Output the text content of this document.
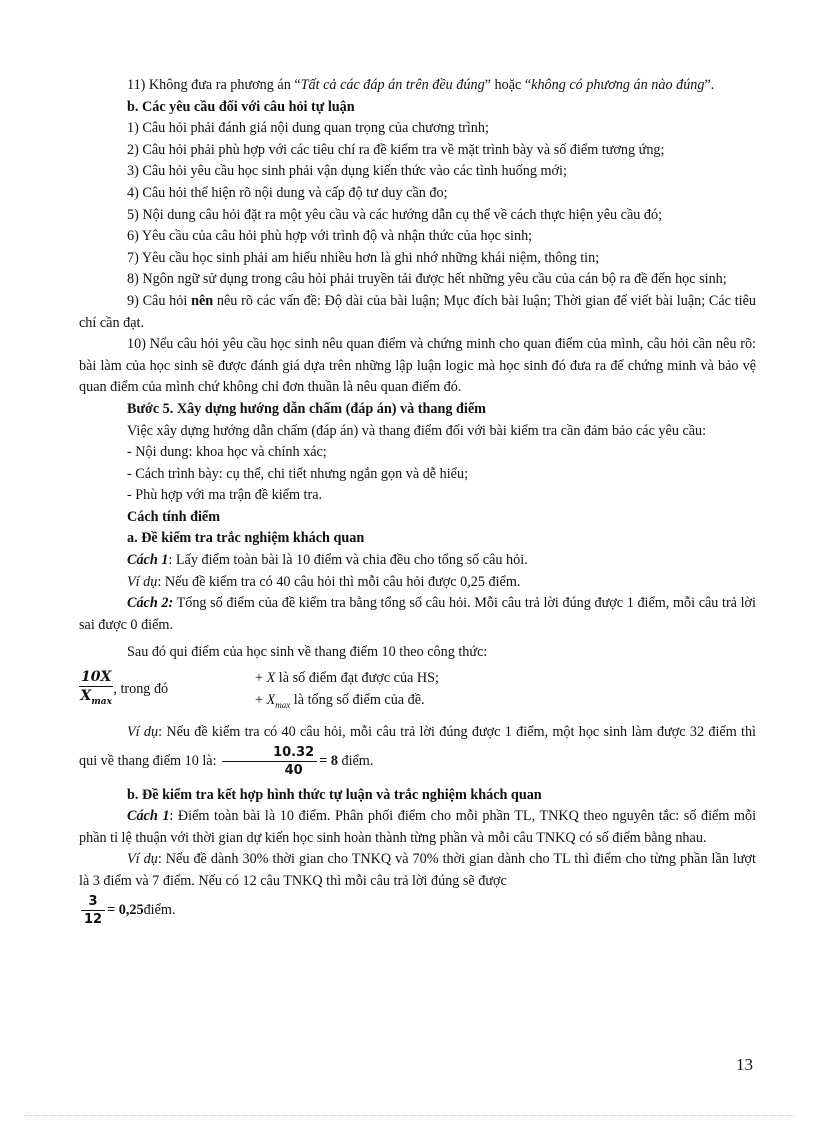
11) Không đưa ra phương án “Tất cả các đáp án trên đều đúng” hoặc “không có phương án nào đúng”.

b. Các yêu cầu đối với câu hỏi tự luận

1) Câu hỏi phải đánh giá nội dung quan trọng của chương trình;

2) Câu hỏi phải phù hợp với các tiêu chí ra đề kiểm tra về mặt trình bày và số điểm tương ứng;

3) Câu hỏi yêu cầu học sinh phải vận dụng kiến thức vào các tình huống mới;

4) Câu hỏi thể hiện rõ nội dung và cấp độ tư duy cần đo;

5) Nội dung câu hỏi đặt ra một yêu cầu và các hướng dẫn cụ thể về cách thực hiện yêu cầu đó;

6) Yêu cầu của câu hỏi phù hợp với trình độ và nhận thức của học sinh;

7) Yêu cầu học sinh phải am hiểu nhiều hơn là ghi nhớ những khái niệm, thông tin;

8) Ngôn ngữ sử dụng trong câu hỏi phải truyền tải được hết những yêu cầu của cán bộ ra đề đến học sinh;

9) Câu hỏi nên nêu rõ các vấn đề: Độ dài của bài luận; Mục đích bài luận; Thời gian để viết bài luận; Các tiêu chí cần đạt.

10) Nếu câu hỏi yêu cầu học sinh nêu quan điểm và chứng minh cho quan điểm của mình, câu hỏi cần nêu rõ: bài làm của học sinh sẽ được đánh giá dựa trên những lập luận logic mà học sinh đó đưa ra để chứng minh và bảo vệ quan điểm của mình chứ không chỉ đơn thuần là nêu quan điểm đó.

Bước 5. Xây dựng hướng dẫn chấm (đáp án) và thang điểm

Việc xây dựng hướng dẫn chấm (đáp án) và thang điểm đối với bài kiểm tra cần đảm bảo các yêu cầu:

- Nội dung: khoa học và chính xác;

- Cách trình bày: cụ thể, chi tiết nhưng ngắn gọn và dễ hiểu;

- Phù hợp với ma trận đề kiểm tra.

Cách tính điểm

a. Đề kiểm tra trắc nghiệm khách quan

Cách 1: Lấy điểm toàn bài là 10 điểm và chia đều cho tổng số câu hỏi.

Ví dụ: Nếu đề kiểm tra có 40 câu hỏi thì mỗi câu hỏi được 0,25 điểm.

Cách 2: Tổng số điểm của đề kiểm tra bằng tổng số câu hỏi. Mỗi câu trả lời đúng được 1 điểm, mỗi câu trả lời sai được 0 điểm.

Sau đó qui điểm của học sinh về thang điểm 10 theo công thức:

$\frac{10X}{X_{max}}$ , trong đó

+ X là số điểm đạt được của HS;

+ $X_{max}$ là tổng số điểm của đề.

Ví dụ: Nếu đề kiểm tra có 40 câu hỏi, mỗi câu trả lời đúng được 1 điểm, một học sinh làm được 32 điểm thì qui về thang điểm 10 là: $\frac{10.32}{40} = 8$ điểm.

b. Đề kiểm tra kết hợp hình thức tự luận và trắc nghiệm khách quan

Cách 1: Điểm toàn bài là 10 điểm. Phân phối điểm cho mỗi phần TL, TNKQ theo nguyên tắc: số điểm mỗi phần tỉ lệ thuận với thời gian dự kiến học sinh hoàn thành từng phần và mỗi câu TNKQ có số điểm bằng nhau.

Ví dụ: Nếu đề dành 30% thời gian cho TNKQ và 70% thời gian dành cho TL thì điểm cho từng phần lần lượt là 3 điểm và 7 điểm. Nếu có 12 câu TNKQ thì mỗi câu trả lời đúng sẽ được

$\frac{3}{12}$ = 0,25điểm.

13
